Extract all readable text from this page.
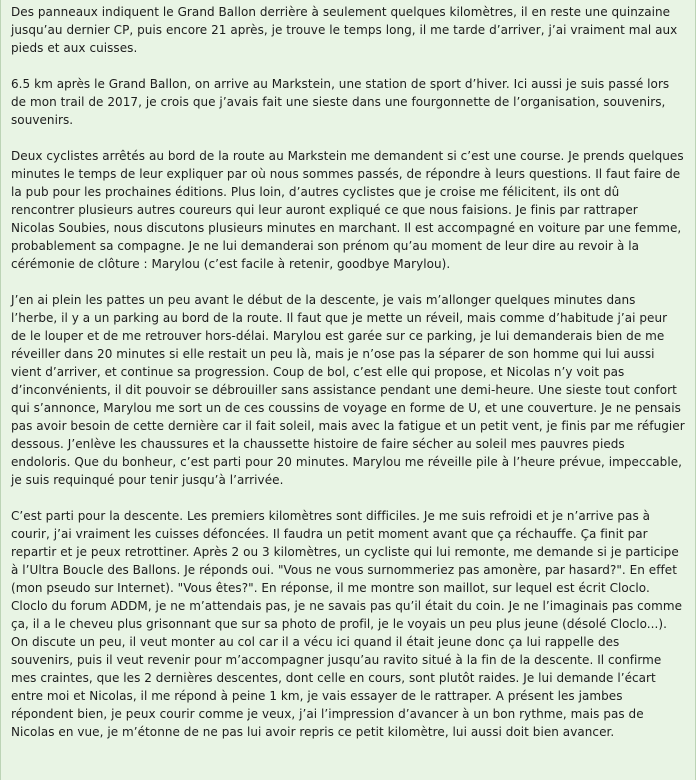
Des panneaux indiquent le Grand Ballon derrière à seulement quelques kilomètres, il en reste une quinzaine jusqu’au dernier CP, puis encore 21 après, je trouve le temps long, il me tarde d’arriver, j’ai vraiment mal aux pieds et aux cuisses.

6.5 km après le Grand Ballon, on arrive au Markstein, une station de sport d’hiver. Ici aussi je suis passé lors de mon trail de 2017, je crois que j’avais fait une sieste dans une fourgonnette de l’organisation, souvenirs, souvenirs.

Deux cyclistes arrêtés au bord de la route au Markstein me demandent si c’est une course. Je prends quelques minutes le temps de leur expliquer par où nous sommes passés, de répondre à leurs questions. Il faut faire de la pub pour les prochaines éditions. Plus loin, d’autres cyclistes que je croise me félicitent, ils ont dû rencontrer plusieurs autres coureurs qui leur auront expliqué ce que nous faisions. Je finis par rattraper Nicolas Soubies, nous discutons plusieurs minutes en marchant. Il est accompagné en voiture par une femme, probablement sa compagne. Je ne lui demanderai son prénom qu’au moment de leur dire au revoir à la cérémonie de clôture : Marylou (c’est facile à retenir, goodbye Marylou).

J’en ai plein les pattes un peu avant le début de la descente, je vais m’allonger quelques minutes dans l’herbe, il y a un parking au bord de la route. Il faut que je mette un réveil, mais comme d’habitude j’ai peur de le louper et de me retrouver hors-délai. Marylou est garée sur ce parking, je lui demanderais bien de me réveiller dans 20 minutes si elle restait un peu là, mais je n’ose pas la séparer de son homme qui lui aussi vient d’arriver, et continue sa progression. Coup de bol, c’est elle qui propose, et Nicolas n’y voit pas d’inconvénients, il dit pouvoir se débrouiller sans assistance pendant une demi-heure. Une sieste tout confort qui s’annonce, Marylou me sort un de ces coussins de voyage en forme de U, et une couverture. Je ne pensais pas avoir besoin de cette dernière car il fait soleil, mais avec la fatigue et un petit vent, je finis par me réfugier dessous. J’enlève les chaussures et la chaussette histoire de faire sécher au soleil mes pauvres pieds endoloris. Que du bonheur, c’est parti pour 20 minutes. Marylou me réveille pile à l’heure prévue, impeccable, je suis requinqué pour tenir jusqu’à l’arrivée.

C’est parti pour la descente. Les premiers kilomètres sont difficiles. Je me suis refroidi et je n’arrive pas à courir, j’ai vraiment les cuisses défoncées. Il faudra un petit moment avant que ça réchauffe. Ça finit par repartir et je peux retrottiner. Après 2 ou 3 kilomètres, un cycliste qui lui remonte, me demande si je participe à l’Ultra Boucle des Ballons. Je réponds oui. "Vous ne vous surnommeriez pas amonère, par hasard?". En effet (mon pseudo sur Internet). "Vous êtes?". En réponse, il me montre son maillot, sur lequel est écrit Cloclo. Cloclo du forum ADDM, je ne m’attendais pas, je ne savais pas qu’il était du coin. Je ne l’imaginais pas comme ça, il a le cheveu plus grisonnant que sur sa photo de profil, je le voyais un peu plus jeune (désolé Cloclo...). On discute un peu, il veut monter au col car il a vécu ici quand il était jeune donc ça lui rappelle des souvenirs, puis il veut revenir pour m’accompagner jusqu’au ravito situé à la fin de la descente. Il confirme mes craintes, que les 2 dernières descentes, dont celle en cours, sont plutôt raides. Je lui demande l’écart entre moi et Nicolas, il me répond à peine 1 km, je vais essayer de le rattraper. A présent les jambes répondent bien, je peux courir comme je veux, j’ai l’impression d’avancer à un bon rythme, mais pas de Nicolas en vue, je m’étonne de ne pas lui avoir repris ce petit kilomètre, lui aussi doit bien avancer.
